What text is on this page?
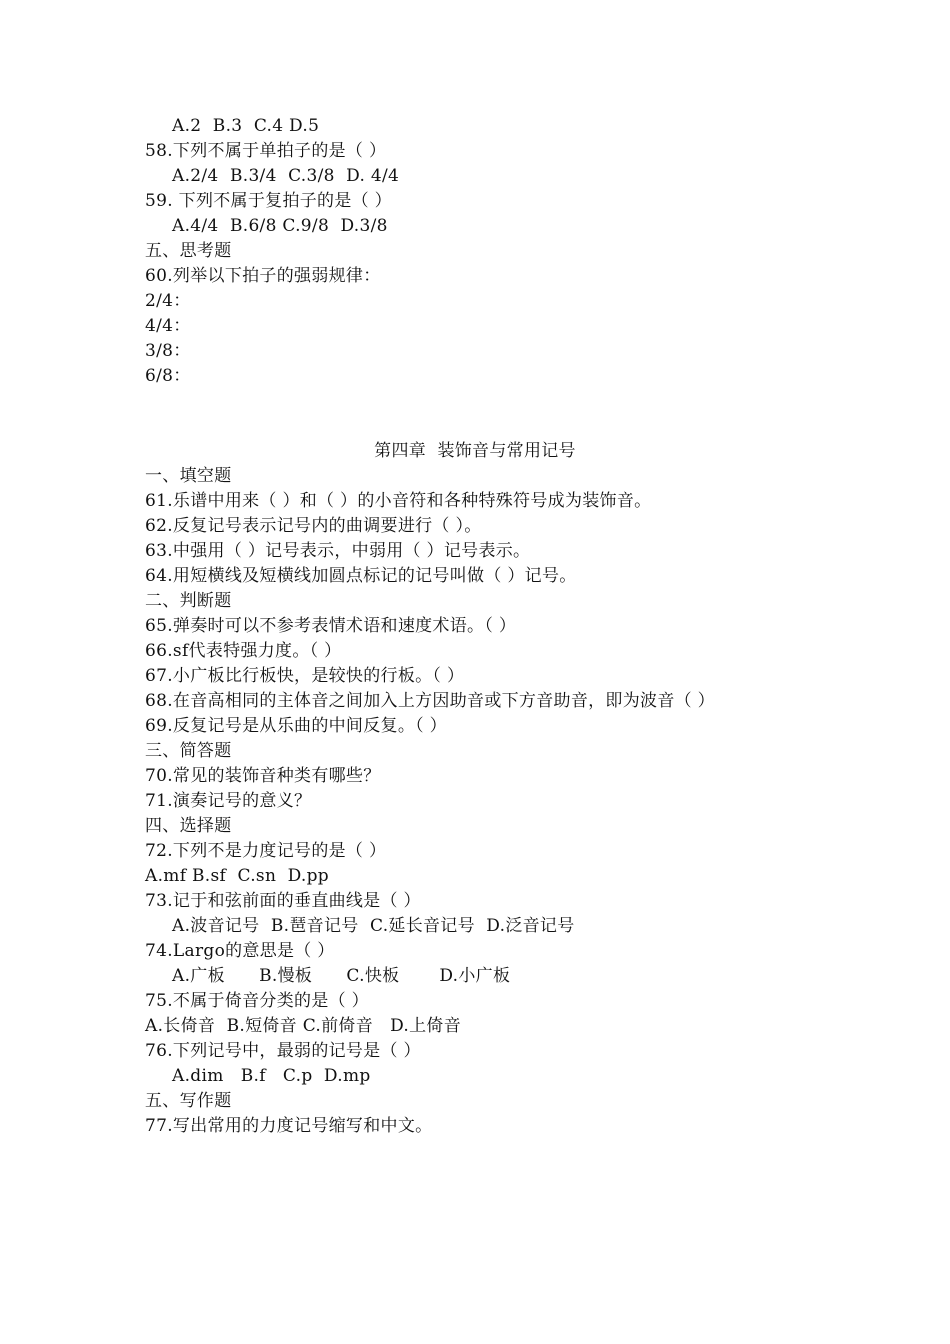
A.2  B.3  C.4 D.5
58.下列不属于单拍子的是（ ）
A.2/4  B.3/4  C.3/8  D. 4/4
59. 下列不属于复拍子的是（ ）
A.4/4  B.6/8 C.9/8  D.3/8
五、思考题
60.列举以下拍子的强弱规律：
2/4：
4/4：
3/8：
6/8：
第四章  装饰音与常用记号
一、填空题
61.乐谱中用来（ ）和（ ）的小音符和各种特殊符号成为装饰音。
62.反复记号表示记号内的曲调要进行（ ）。
63.中强用（ ）记号表示，中弱用（ ）记号表示。
64.用短横线及短横线加圆点标记的记号叫做（ ）记号。
二、判断题
65.弹奏时可以不参考表情术语和速度术语。（ ）
66.sf代表特强力度。（ ）
67.小广板比行板快，是较快的行板。（ ）
68.在音高相同的主体音之间加入上方因助音或下方音助音，即为波音（ ）
69.反复记号是从乐曲的中间反复。（ ）
三、简答题
70.常见的装饰音种类有哪些？
71.演奏记号的意义？
四、选择题
72.下列不是力度记号的是（ ）
A.mf B.sf  C.sn  D.pp
73.记于和弦前面的垂直曲线是（ ）
A.波音记号  B.琶音记号  C.延长音记号  D.泛音记号
74.Largo的意思是（ ）
A.广板      B.慢板      C.快板       D.小广板
75.不属于倚音分类的是（ ）
A.长倚音  B.短倚音 C.前倚音   D.上倚音
76.下列记号中，最弱的记号是（ ）
A.dim   B.f   C.p  D.mp
五、写作题
77.写出常用的力度记号缩写和中文。
